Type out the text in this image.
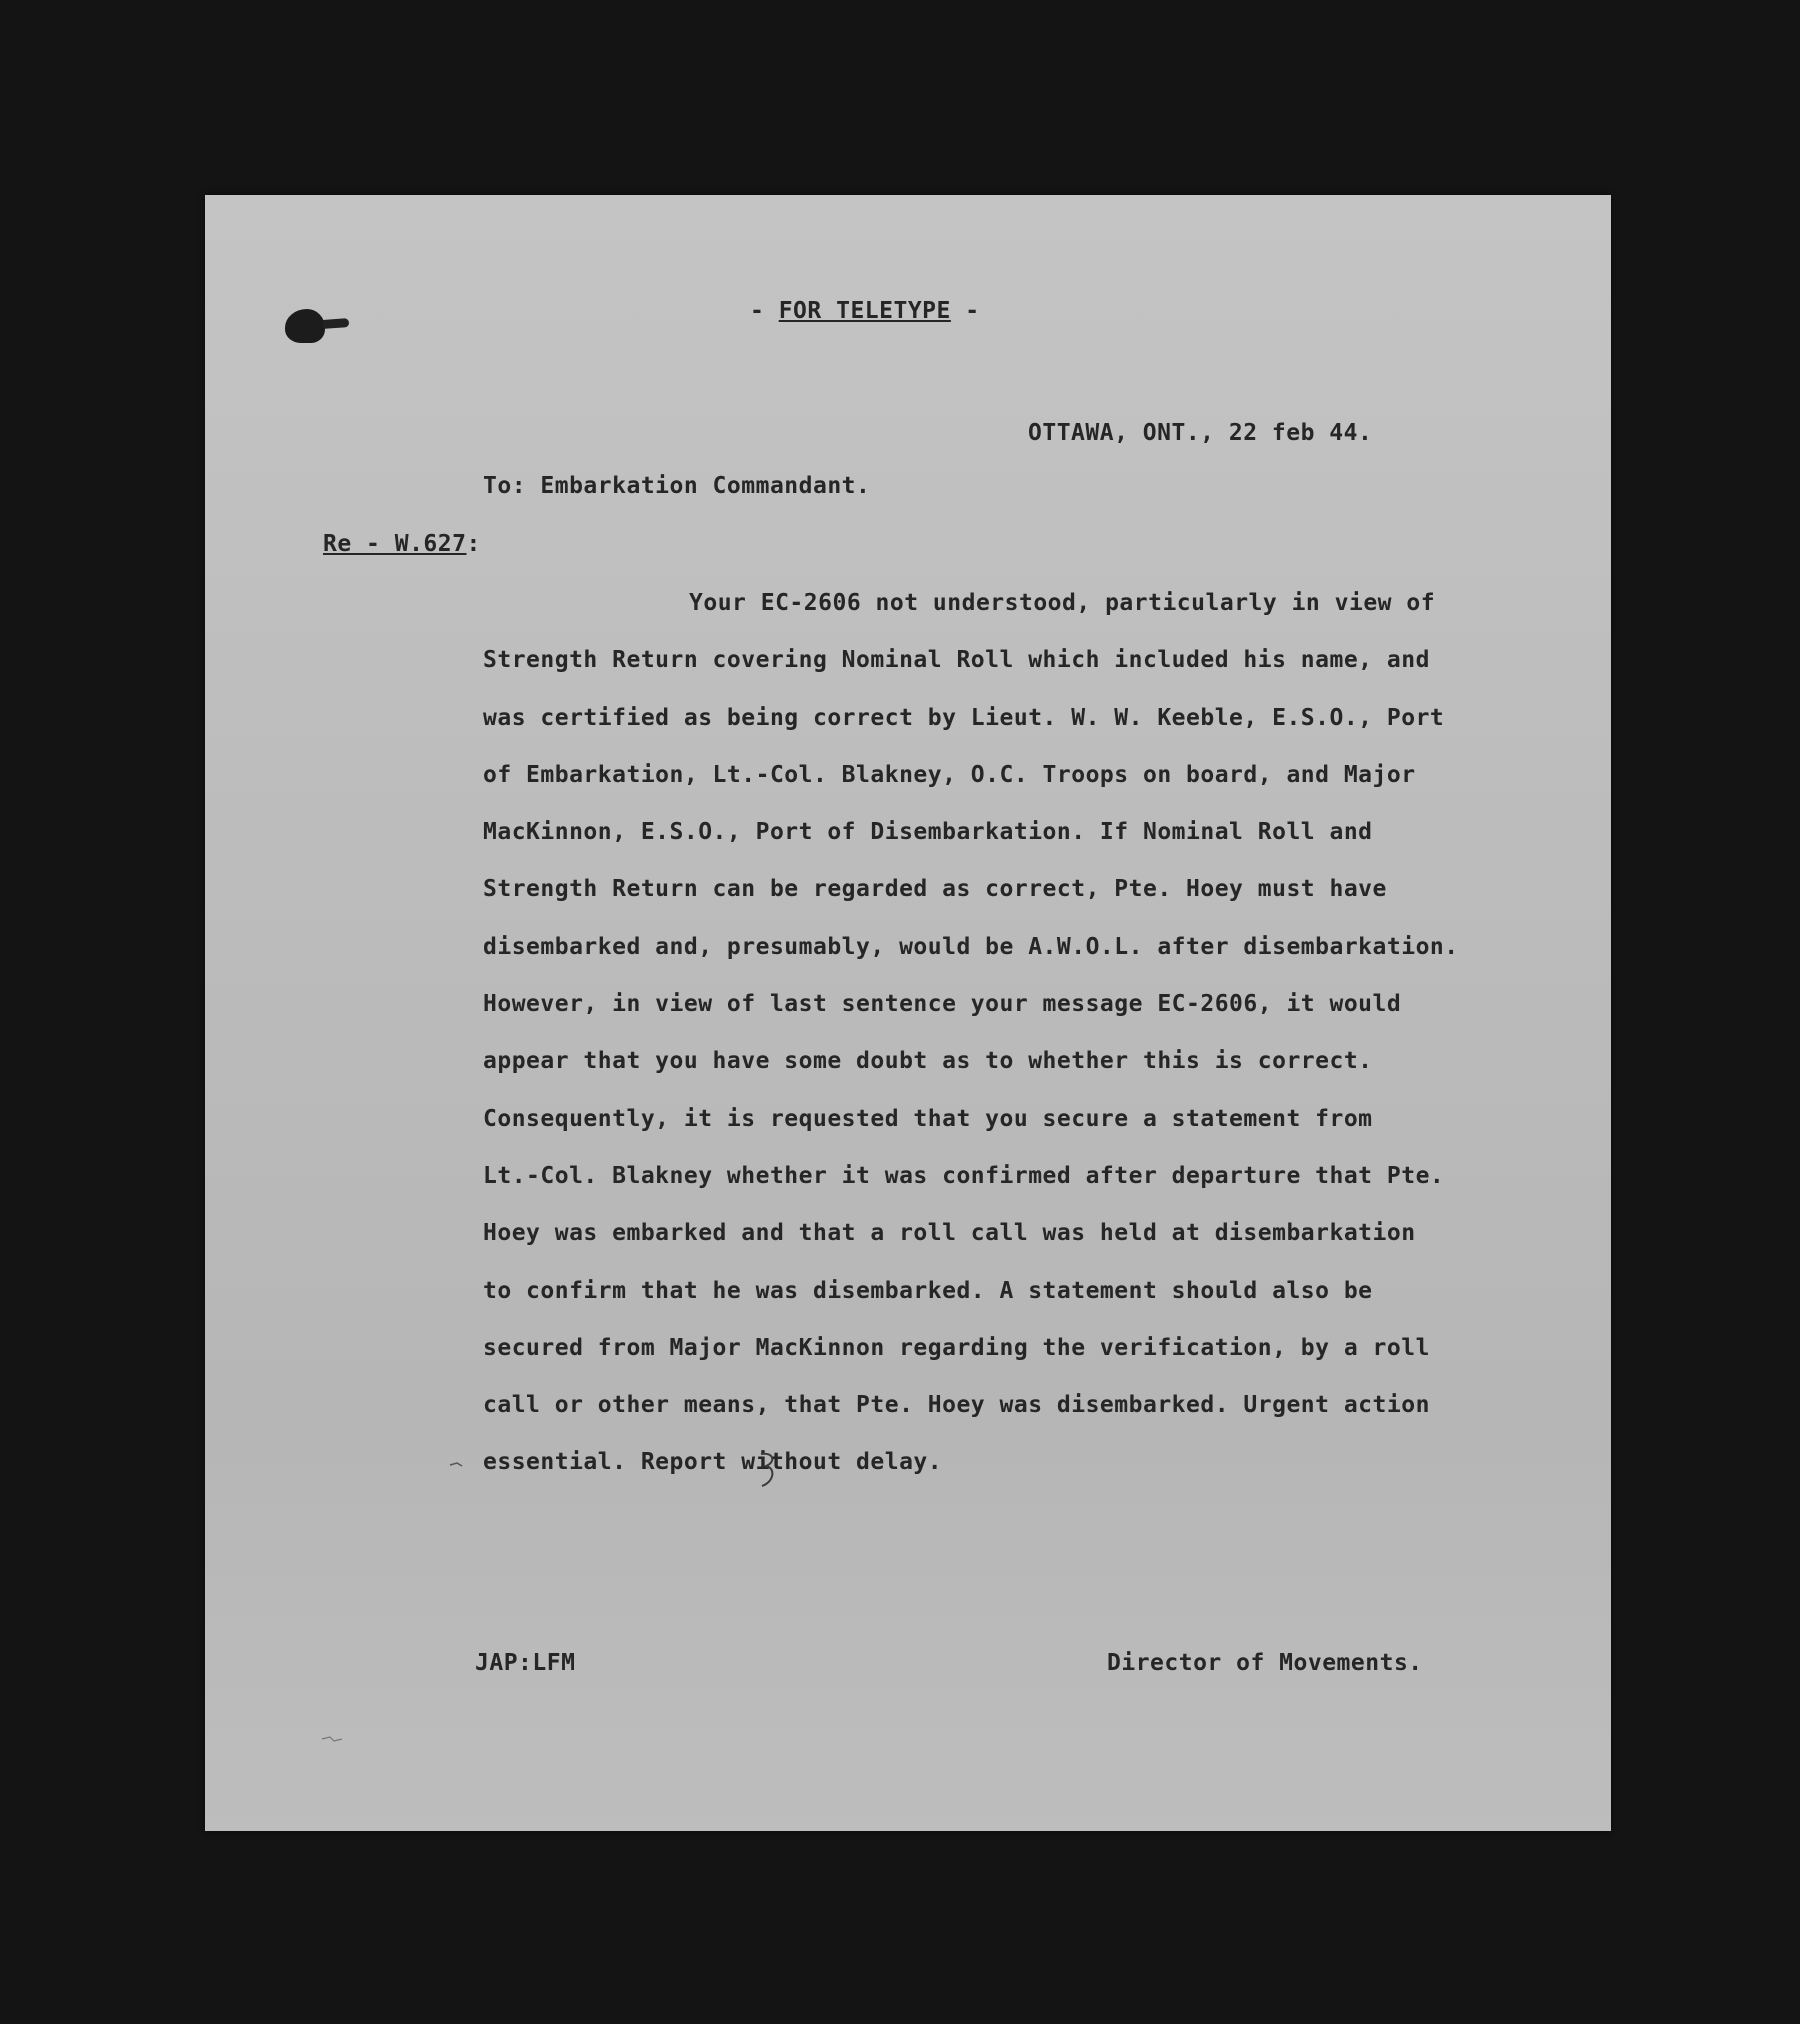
- FOR TELETYPE -
OTTAWA, ONT., 22 feb 44.
To: Embarkation Commandant.
Re - W.627:
Your EC-2606 not understood, particularly in view of
Strength Return covering Nominal Roll which included his name, and
was certified as being correct by Lieut. W. W. Keeble, E.S.O., Port
of Embarkation, Lt.-Col. Blakney, O.C. Troops on board, and Major
MacKinnon, E.S.O., Port of Disembarkation. If Nominal Roll and
Strength Return can be regarded as correct, Pte. Hoey must have
disembarked and, presumably, would be A.W.O.L. after disembarkation.
However, in view of last sentence your message EC-2606, it would
appear that you have some doubt as to whether this is correct.
Consequently, it is requested that you secure a statement from
Lt.-Col. Blakney whether it was confirmed after departure that Pte.
Hoey was embarked and that a roll call was held at disembarkation
to confirm that he was disembarked. A statement should also be
secured from Major MacKinnon regarding the verification, by a roll
call or other means, that Pte. Hoey was disembarked. Urgent action
essential. Report without delay.
JAP:LFM	Director of Movements.
